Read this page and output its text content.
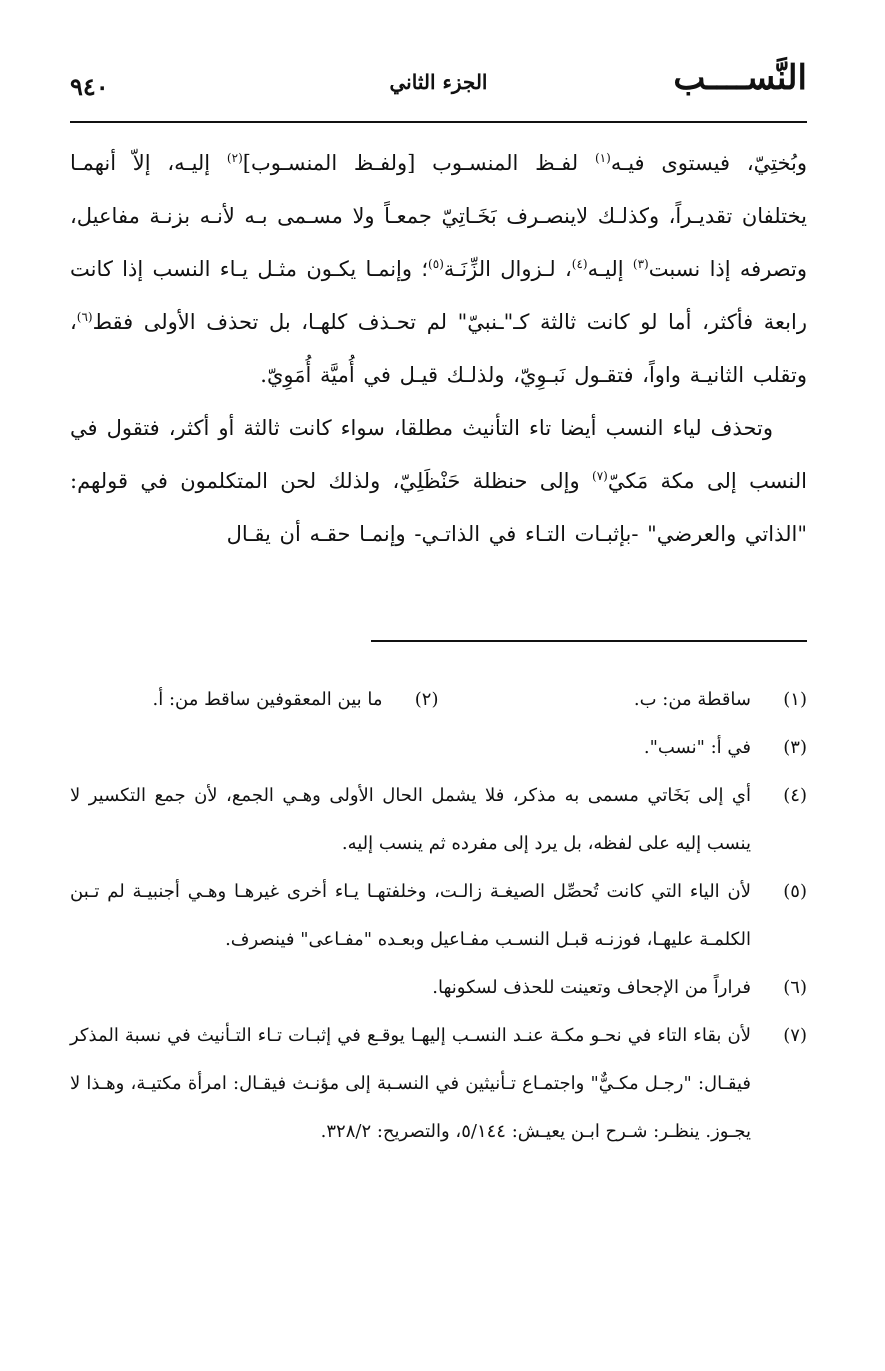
النَّســــب
الجزء الثاني
٩٤٠

وبُختِيّ، فيستوى فيـه$^{(١)}$ لفـظ المنسـوب [ولفـظ المنسـوب]$^{(٢)}$ إليـه، إلاّ أنهمـا يختلفان تقديـراً، وكذلـك لاينصـرف بَخَـاتِيّ جمعـاً ولا مسـمى بـه لأنـه بزنـة مفاعيل، وتصرفه إذا نسبت$^{(٣)}$ إليـه$^{(٤)}$، لـزوال الزِّنَـة$^{(٥)}$؛ وإنمـا يكـون مثـل يـاء النسب إذا كانت رابعة فأكثر، أما لو كانت ثالثة كـ"ـنبيّ" لم تحـذف كلهـا، بل تحذف الأولى فقط$^{(٦)}$، وتقلب الثانيـة واواً، فتقـول نَبـوِيّ، ولذلـك قيـل في أُميَّة أُمَوِيّ.

وتحذف لياء النسب أيضا تاء التأنيث مطلقا، سواء كانت ثالثة أو أكثر، فتقول في النسب إلى مكة مَكيّ$^{(٧)}$ وإلى حنظلة حَنْظَلِيّ، ولذلك لحن المتكلمون في قولهم: "الذاتي والعرضي" -بإثبـات التـاء في الذاتـي- وإنمـا حقـه أن يقـال

(١)
ساقطة من: ب.
(٢)
ما بين المعقوفين ساقط من: أ.
(٣)
في أ: "نسب".
(٤)
أي إلى بَخَاتي مسمى به مذكر، فلا يشمل الحال الأولى وهـي الجمع، لأن جمع التكسير لا ينسب إليه على لفظه، بل يرد إلى مفرده ثم ينسب إليه.
(٥)
لأن الياء التي كانت تُحصِّل الصيغـة زالـت، وخلفتهـا يـاء أخرى غيرهـا وهـي أجنبيـة لم تـبن الكلمـة عليهـا، فوزنـه قبـل النسـب مفـاعيل وبعـده "مفـاعى" فينصرف.
(٦)
فراراً من الإجحاف وتعينت للحذف لسكونها.
(٧)
لأن بقاء التاء في نحـو مكـة عنـد النسـب إليهـا يوقـع في إثبـات تـاء التـأنيث في نسبة المذكر فيقـال: "رجـل مكـيٌّ" واجتمـاع تـأنيثين في النسـبة إلى مؤنـث فيقـال: امرأة مكتيـة، وهـذا لا يجـوز. ينظـر: شـرح ابـن يعيـش: ٥/١٤٤، والتصريح: ٣٢٨/٢.
